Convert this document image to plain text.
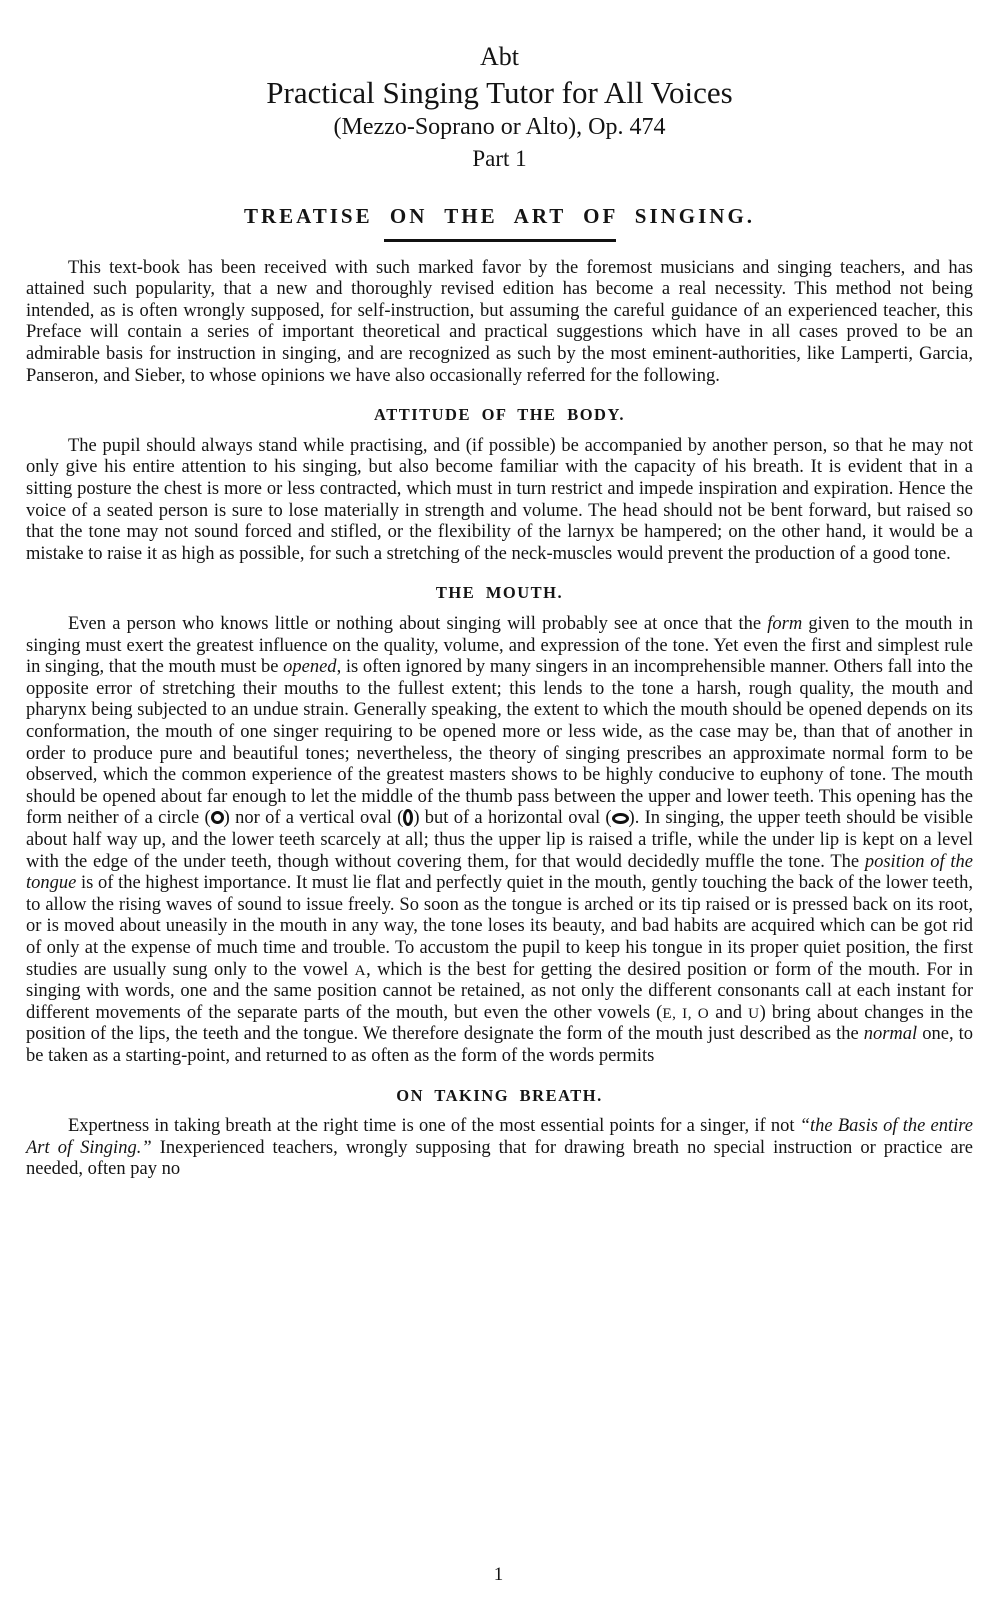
Abt
Practical Singing Tutor for All Voices
(Mezzo-Soprano or Alto), Op. 474
Part 1
TREATISE ON THE ART OF SINGING.

This text-book has been received with such marked favor by the foremost musicians and singing teachers, and has attained such popularity, that a new and thoroughly revised edition has become a real necessity. This method not being intended, as is often wrongly supposed, for self-instruction, but assuming the careful guidance of an experienced teacher, this Preface will contain a series of important theoretical and practical suggestions which have in all cases proved to be an admirable basis for instruction in singing, and are recognized as such by the most eminent-authorities, like Lamperti, Garcia, Panseron, and Sieber, to whose opinions we have also occasionally referred for the following.

ATTITUDE OF THE BODY.

The pupil should always stand while practising, and (if possible) be accompanied by another person, so that he may not only give his entire attention to his singing, but also become familiar with the capacity of his breath. It is evident that in a sitting posture the chest is more or less contracted, which must in turn restrict and impede inspiration and expiration. Hence the voice of a seated person is sure to lose materially in strength and volume. The head should not be bent forward, but raised so that the tone may not sound forced and stifled, or the flexibility of the larnyx be hampered; on the other hand, it would be a mistake to raise it as high as possible, for such a stretching of the neck-muscles would prevent the production of a good tone.

THE MOUTH.

Even a person who knows little or nothing about singing will probably see at once that the form given to the mouth in singing must exert the greatest influence on the quality, volume, and expression of the tone. Yet even the first and simplest rule in singing, that the mouth must be opened, is often ignored by many singers in an incomprehensible manner. Others fall into the opposite error of stretching their mouths to the fullest extent; this lends to the tone a harsh, rough quality, the mouth and pharynx being subjected to an undue strain. Generally speaking, the extent to which the mouth should be opened depends on its conformation, the mouth of one singer requiring to be opened more or less wide, as the case may be, than that of another in order to produce pure and beautiful tones; nevertheless, the theory of singing prescribes an approximate normal form to be observed, which the common experience of the greatest masters shows to be highly conducive to euphony of tone. The mouth should be opened about far enough to let the middle of the thumb pass between the upper and lower teeth. This opening has the form neither of a circle ( ) nor of a vertical oval ( ) but of a horizontal oval ( ). In singing, the upper teeth should be visible about half way up, and the lower teeth scarcely at all; thus the upper lip is raised a trifle, while the under lip is kept on a level with the edge of the under teeth, though without covering them, for that would decidedly muffle the tone. The position of the tongue is of the highest importance. It must lie flat and perfectly quiet in the mouth, gently touching the back of the lower teeth, to allow the rising waves of sound to issue freely. So soon as the tongue is arched or its tip raised or is pressed back on its root, or is moved about uneasily in the mouth in any way, the tone loses its beauty, and bad habits are acquired which can be got rid of only at the expense of much time and trouble. To accustom the pupil to keep his tongue in its proper quiet position, the first studies are usually sung only to the vowel A, which is the best for getting the desired position or form of the mouth. For in singing with words, one and the same position cannot be retained, as not only the different consonants call at each instant for different movements of the separate parts of the mouth, but even the other vowels (E, I, O and U) bring about changes in the position of the lips, the teeth and the tongue. We therefore designate the form of the mouth just described as the normal one, to be taken as a starting-point, and returned to as often as the form of the words permits

ON TAKING BREATH.

Expertness in taking breath at the right time is one of the most essential points for a singer, if not “the Basis of the entire Art of Singing.” Inexperienced teachers, wrongly supposing that for drawing breath no special instruction or practice are needed, often pay no

1
